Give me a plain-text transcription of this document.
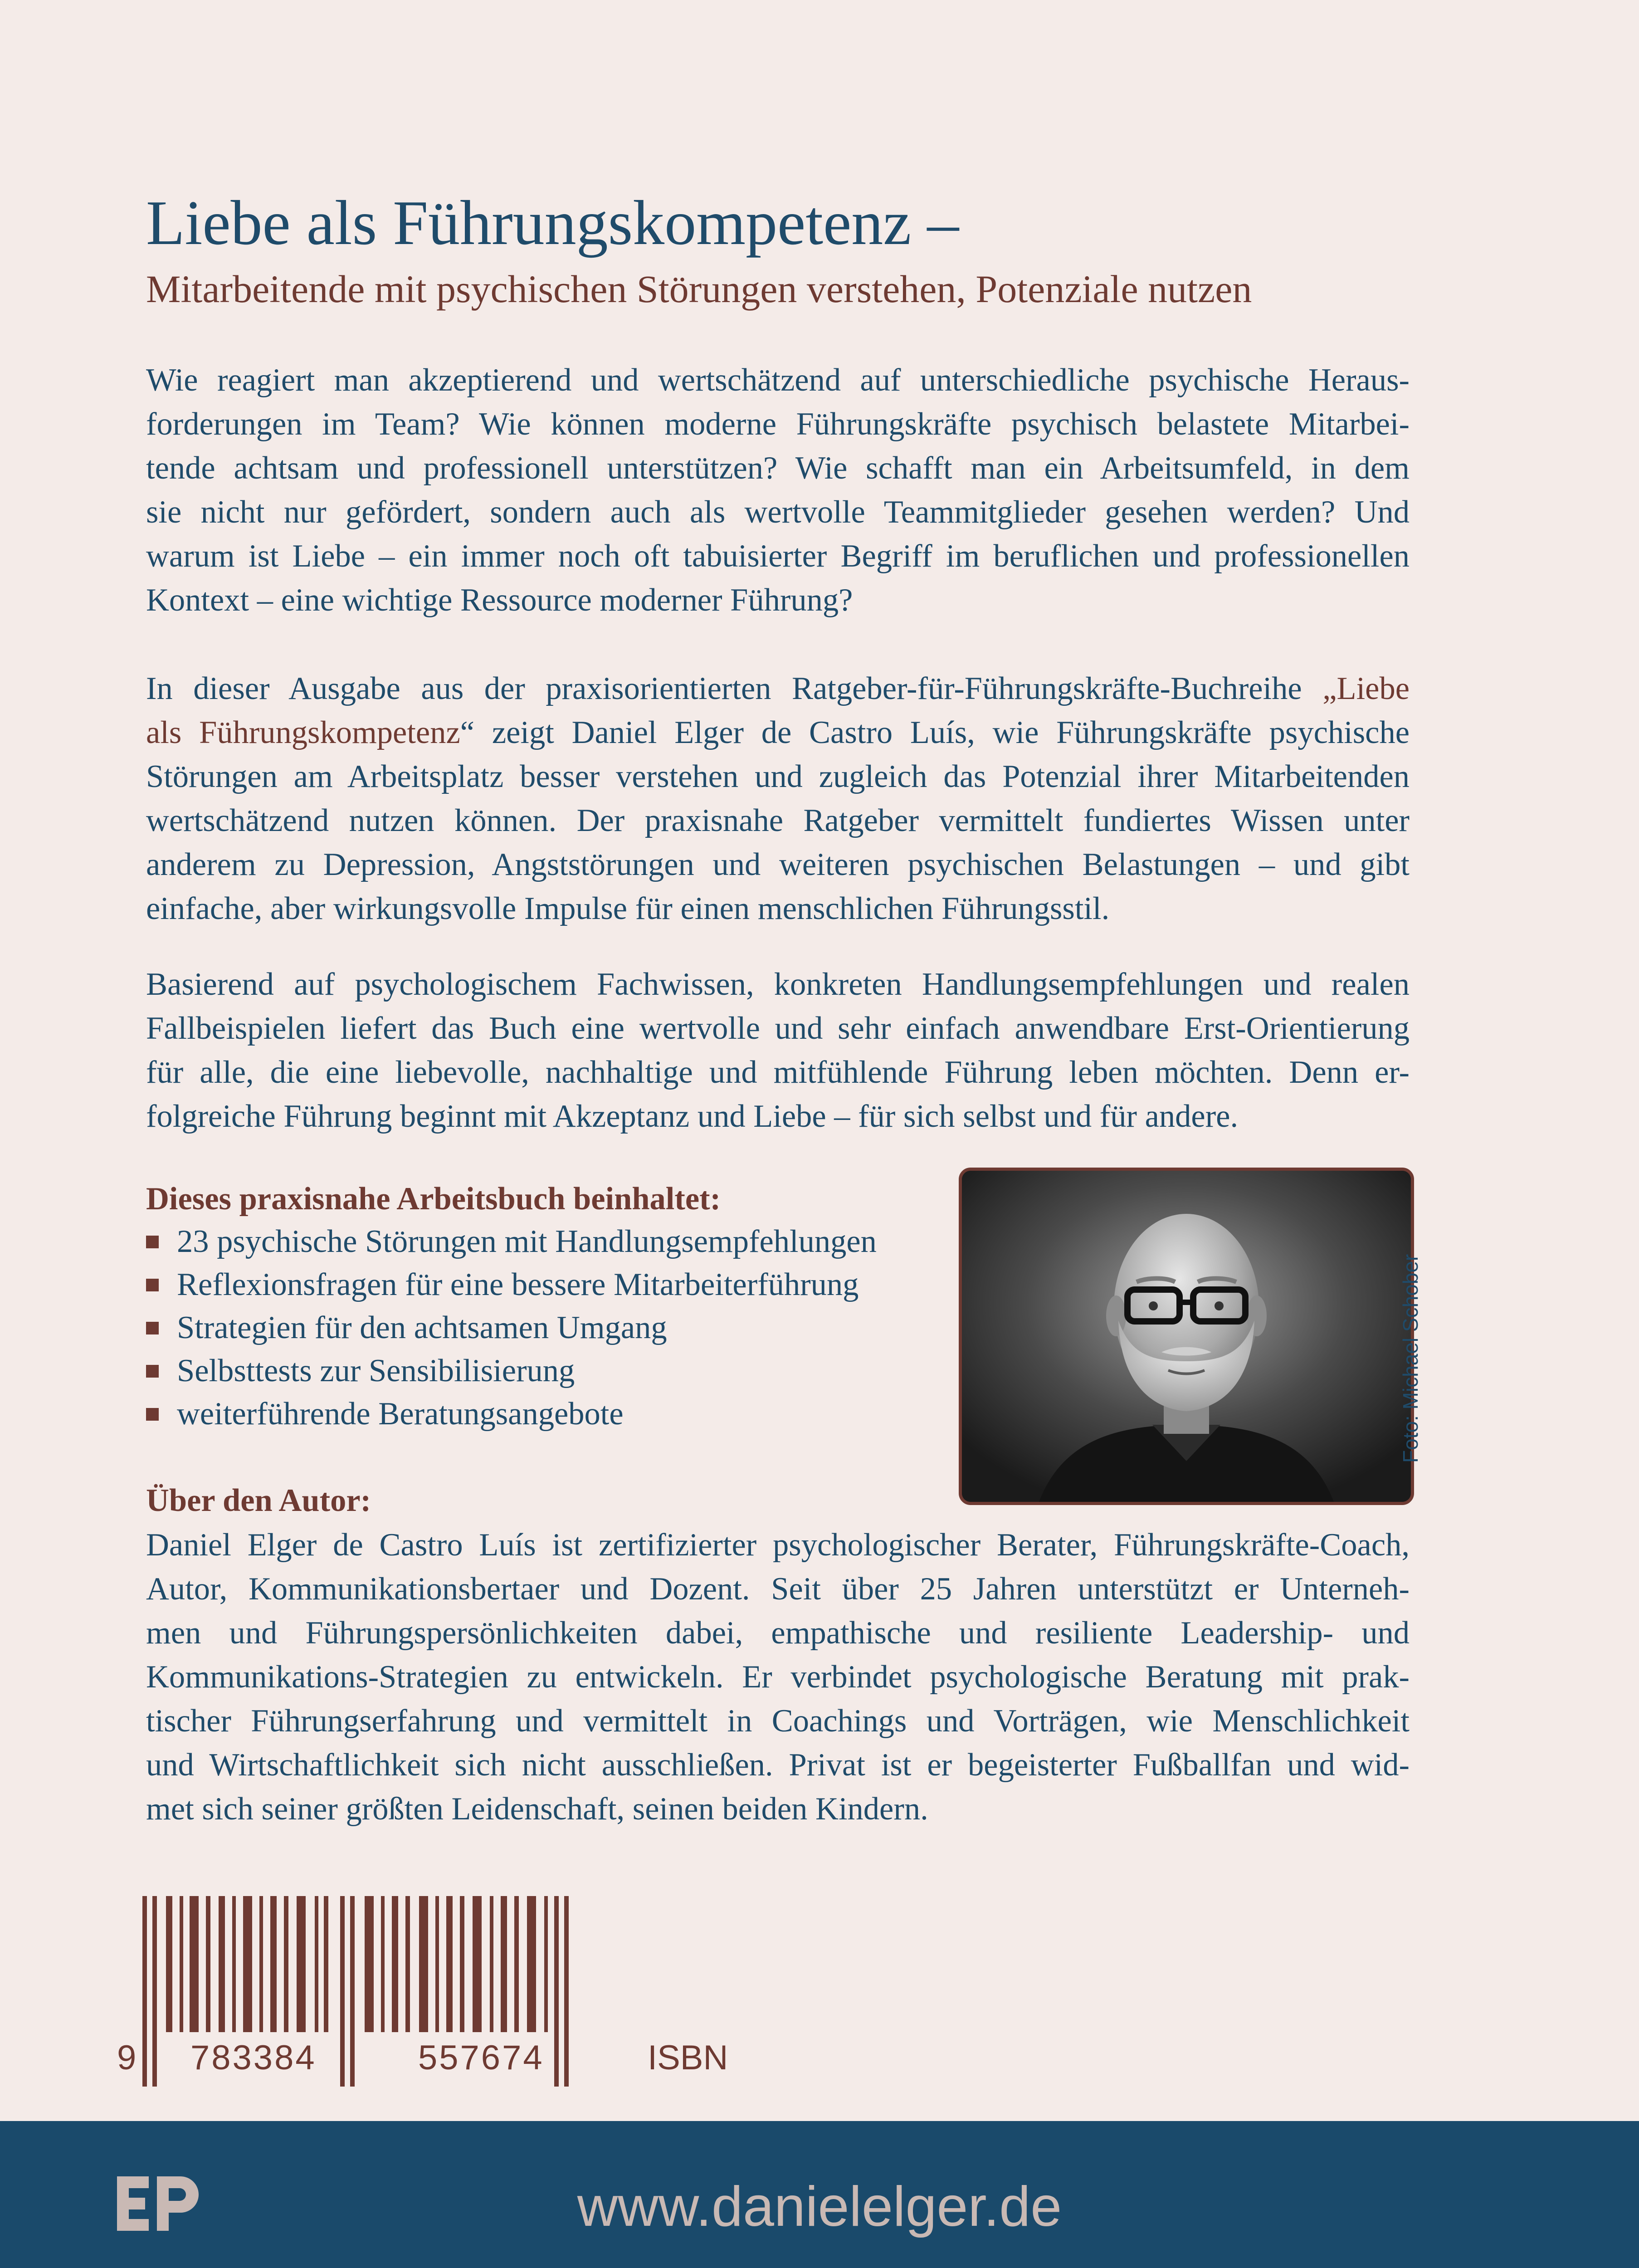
Liebe als Führungskompetenz –

Mitarbeitende mit psychischen Störungen verstehen, Potenziale nutzen

Wie reagiert man akzeptierend und wertschätzend auf unterschiedliche psychische Heraus-
forderungen im Team? Wie können moderne Führungskräfte psychisch belastete Mitarbei-
tende achtsam und professionell unterstützen? Wie schafft man ein Arbeitsumfeld, in dem
sie nicht nur gefördert, sondern auch als wertvolle Teammitglieder gesehen werden? Und
warum ist Liebe – ein immer noch oft tabuisierter Begriff im beruflichen und professionellen
Kontext – eine wichtige Ressource moderner Führung?
In dieser Ausgabe aus der praxisorientierten Ratgeber-für-Führungskräfte-Buchreihe „Liebe
als Führungskompetenz“ zeigt Daniel Elger de Castro Luís, wie Führungskräfte psychische
Störungen am Arbeitsplatz besser verstehen und zugleich das Potenzial ihrer Mitarbeitenden
wertschätzend nutzen können. Der praxisnahe Ratgeber vermittelt fundiertes Wissen unter
anderem zu Depression, Angststörungen und weiteren psychischen Belastungen – und gibt
einfache, aber wirkungsvolle Impulse für einen menschlichen Führungsstil.
Basierend auf psychologischem Fachwissen, konkreten Handlungsempfehlungen und realen
Fallbeispielen liefert das Buch eine wertvolle und sehr einfach anwendbare Erst-Orientierung
für alle, die eine liebevolle, nachhaltige und mitfühlende Führung leben möchten. Denn er-
folgreiche Führung beginnt mit Akzeptanz und Liebe – für sich selbst und für andere.

Dieses praxisnahe Arbeitsbuch beinhaltet:

23 psychische Störungen mit Handlungsempfehlungen
Reflexionsfragen für eine bessere Mitarbeiterführung
Strategien für den achtsamen Umgang
Selbsttests zur Sensibilisierung
weiterführende Beratungsangebote	Foto: Michael Schober

Über den Autor:

Daniel Elger de Castro Luís ist zertifizierter psychologischer Berater, Führungskräfte-Coach,
Autor, Kommunikationsbertaer und Dozent. Seit über 25 Jahren unterstützt er Unterneh-
men und Führungspersönlichkeiten dabei, empathische und resiliente Leadership- und
Kommunikations-Strategien zu entwickeln. Er verbindet psychologische Beratung mit prak-
tischer Führungserfahrung und vermittelt in Coachings und Vorträgen, wie Menschlichkeit
und Wirtschaftlichkeit sich nicht ausschließen. Privat ist er begeisterter Fußballfan und wid-
met sich seiner größten Leidenschaft, seinen beiden Kindern.
9 783384	557674	ISBN
www.danielelger.de
